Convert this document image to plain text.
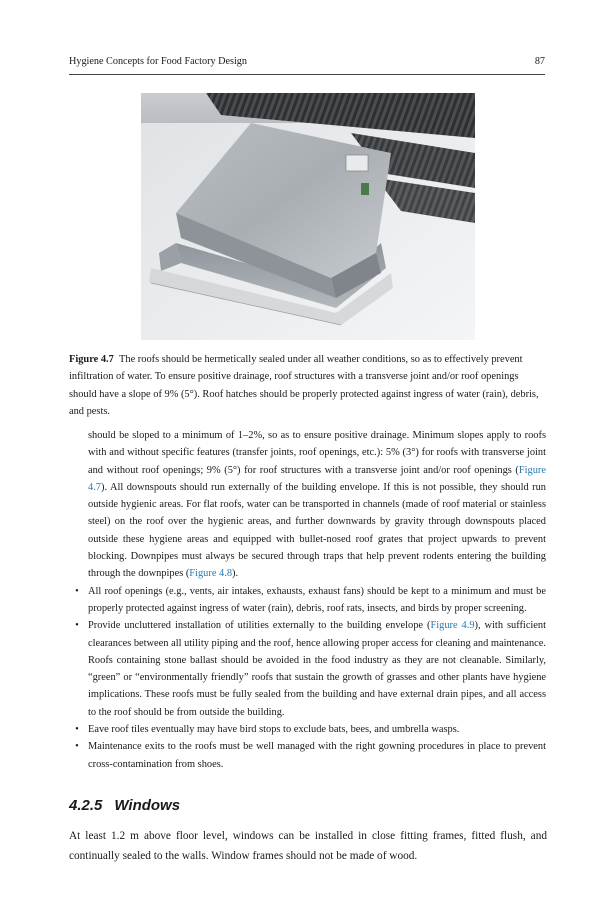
Hygiene Concepts for Food Factory Design	87
Figure 4.7 The roofs should be hermetically sealed under all weather conditions, so as to effectively prevent infiltration of water. To ensure positive drainage, roof structures with a transverse joint and/or roof openings should have a slope of 9% (5°). Roof hatches should be properly protected against ingress of water (rain), debris, and pests.

should be sloped to a minimum of 1–2%, so as to ensure positive drainage. Minimum slopes apply to roofs with and without specific features (transfer joints, roof openings, etc.): 5% (3°) for roofs with transverse joint and without roof openings; 9% (5°) for roof structures with a transverse joint and/or roof openings (Figure 4.7). All downspouts should run externally of the building envelope. If this is not possible, they should run outside hygienic areas. For flat roofs, water can be transported in channels (made of roof material or stainless steel) on the roof over the hygienic areas, and further downwards by gravity through downspouts placed outside these hygiene areas and equipped with bullet-nosed roof grates that project upwards to prevent blocking. Downpipes must always be secured through traps that help prevent rodents entering the building through the downpipes (Figure 4.8).

• All roof openings (e.g., vents, air intakes, exhausts, exhaust fans) should be kept to a minimum and must be properly protected against ingress of water (rain), debris, roof rats, insects, and birds by proper screening.
• Provide uncluttered installation of utilities externally to the building envelope (Figure 4.9), with sufficient clearances between all utility piping and the roof, hence allowing proper access for cleaning and maintenance. Roofs containing stone ballast should be avoided in the food industry as they are not cleanable. Similarly, “green” or “environmentally friendly” roofs that sustain the growth of grasses and other plants have hygiene implications. These roofs must be fully sealed from the building and have external drain pipes, and all access to the roof should be from outside the building.
• Eave roof tiles eventually may have bird stops to exclude bats, bees, and umbrella wasps.
• Maintenance exits to the roofs must be well managed with the right gowning procedures in place to prevent cross-contamination from shoes.
4.2.5 Windows

At least 1.2 m above floor level, windows can be installed in close fitting frames, fitted flush, and continually sealed to the walls. Window frames should not be made of wood.
